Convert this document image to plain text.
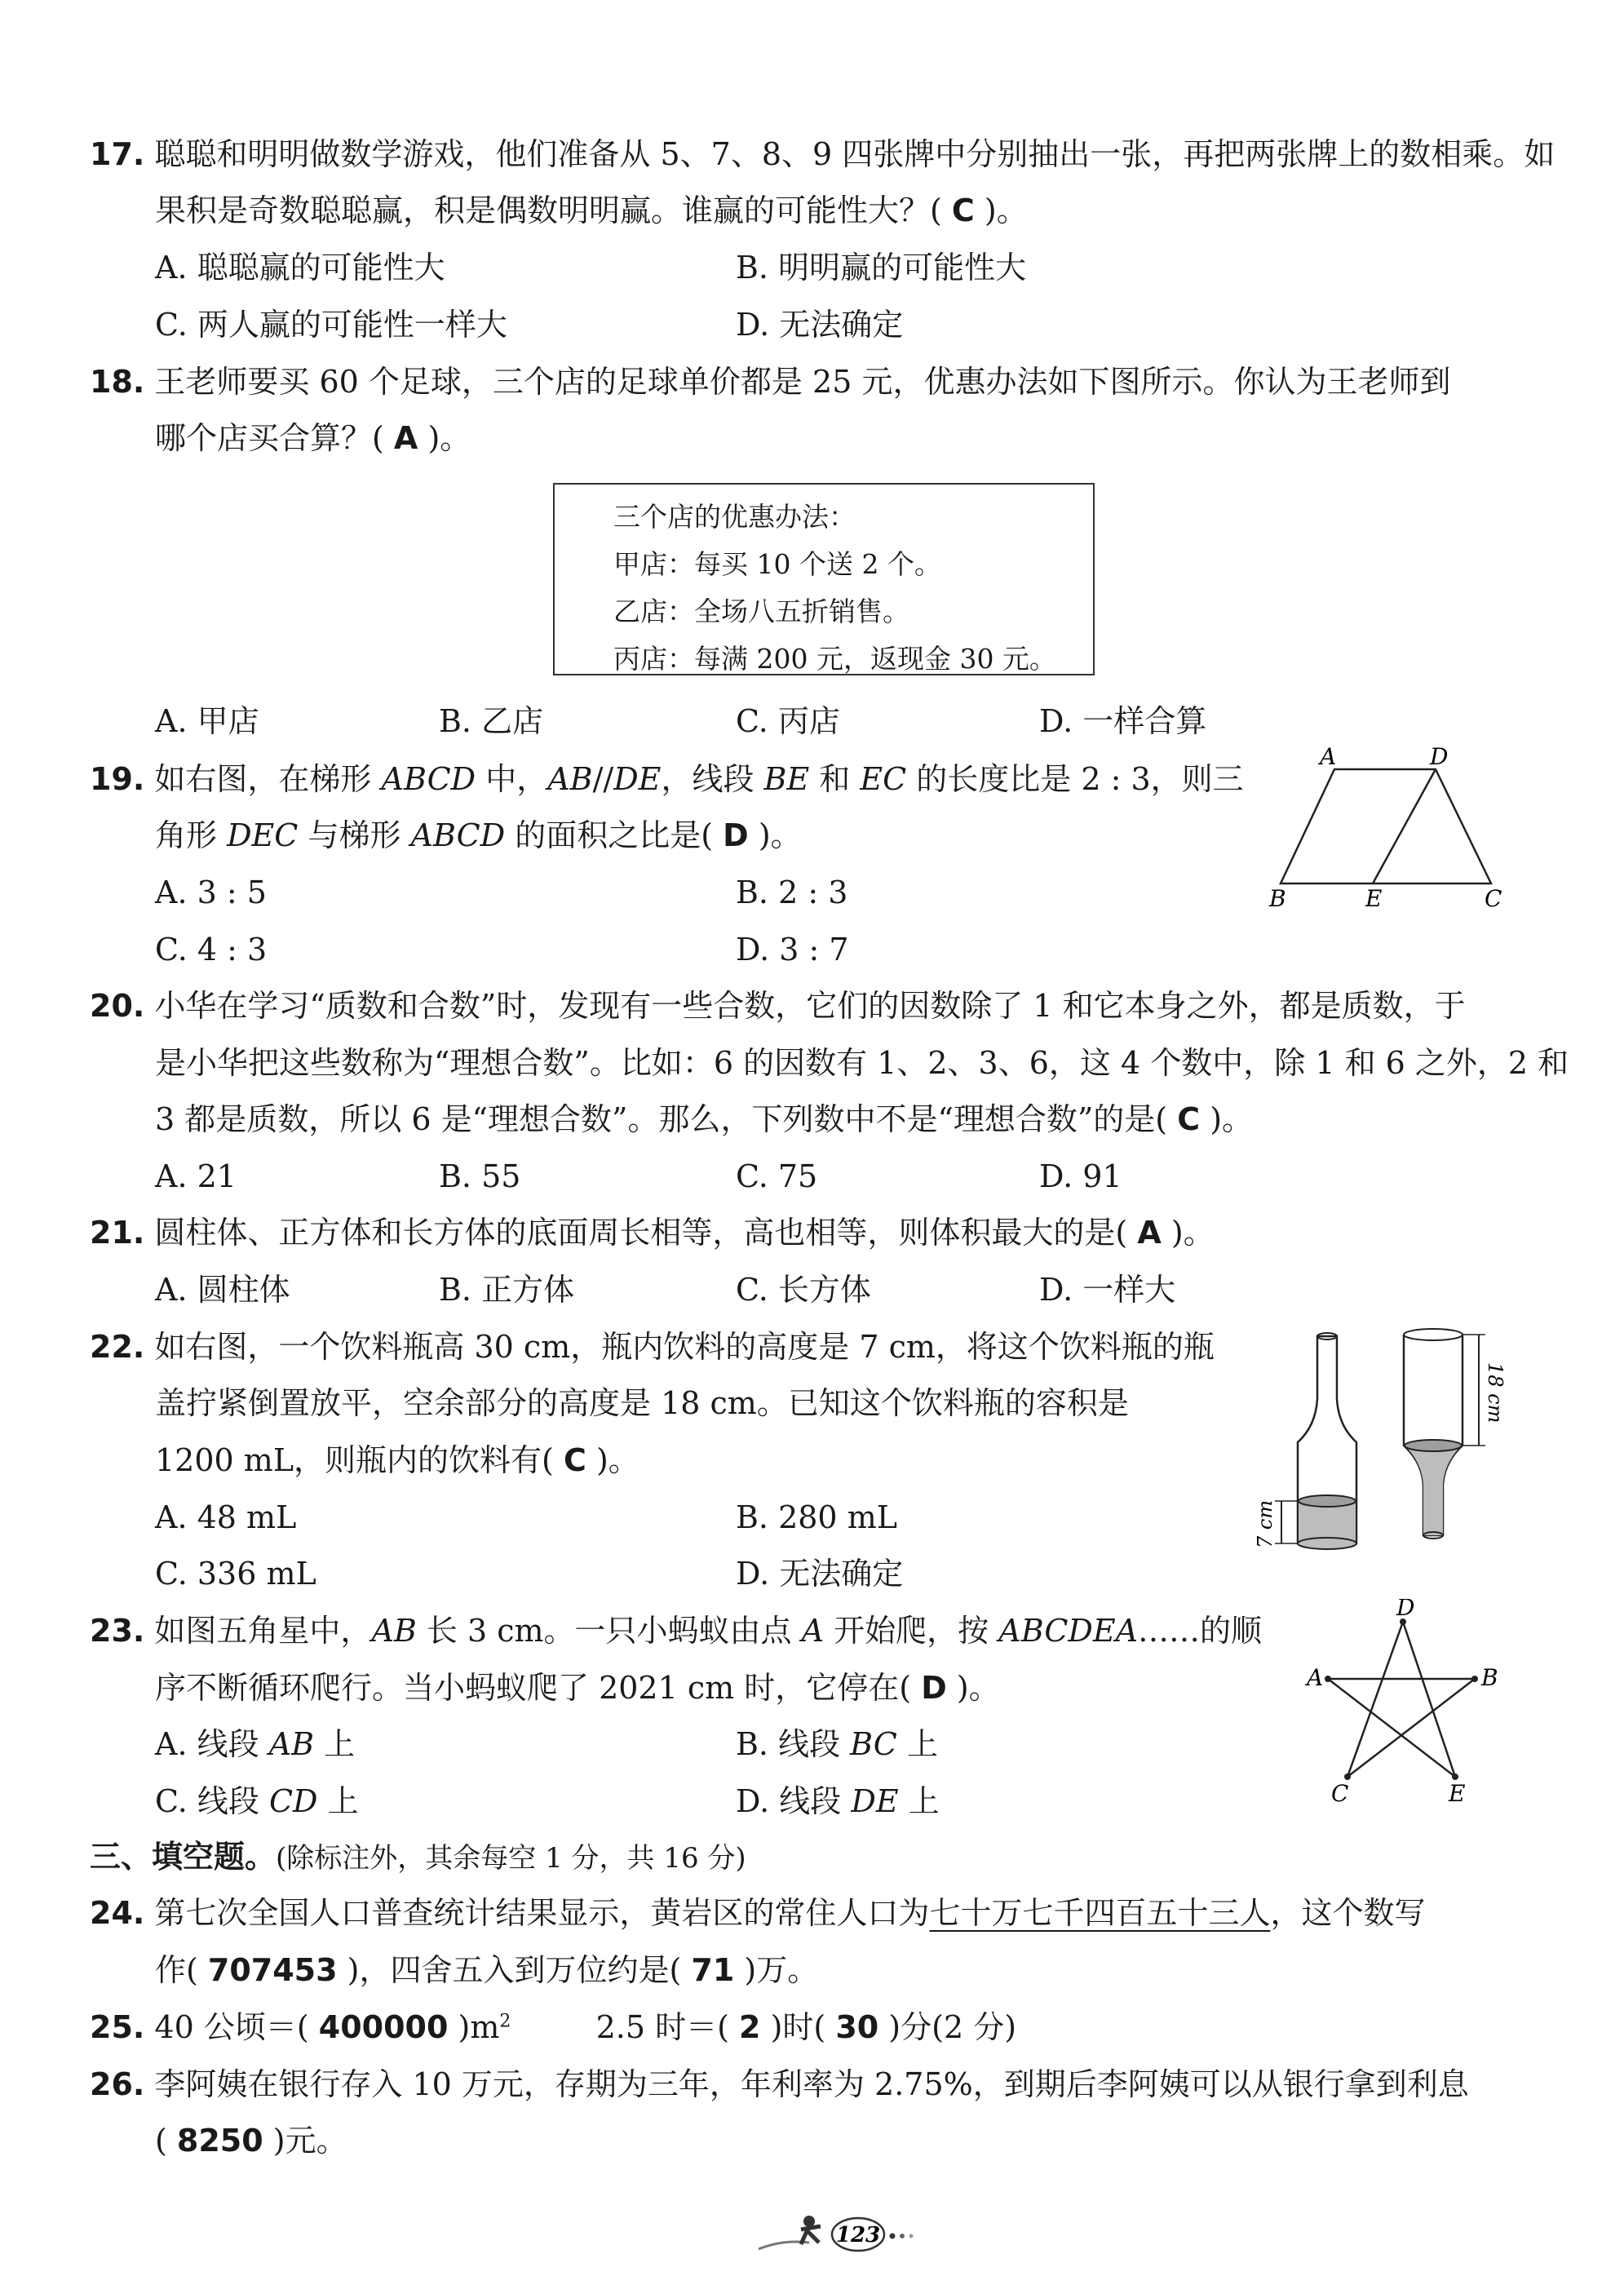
17. 聪聪和明明做数学游戏，他们准备从 5、7、8、9 四张牌中分别抽出一张，再把两张牌上的数相乘。如
果积是奇数聪聪赢，积是偶数明明赢。谁赢的可能性大？( C )。
A. 聪聪赢的可能性大	B. 明明赢的可能性大
C. 两人赢的可能性一样大	D. 无法确定
18. 王老师要买 60 个足球，三个店的足球单价都是 25 元，优惠办法如下图所示。你认为王老师到
哪个店买合算？( A )。
三个店的优惠办法：
甲店：每买 10 个送 2 个。
乙店：全场八五折销售。
丙店：每满 200 元，返现金 30 元。
A. 甲店	B. 乙店	C. 丙店	D. 一样合算
19. 如右图，在梯形 ABCD 中，AB//DE，线段 BE 和 EC 的长度比是 2 : 3，则三
角形 DEC 与梯形 ABCD 的面积之比是( D )。
A. 3 : 5	B. 2 : 3
C. 4 : 3	D. 3 : 7
A	D
B	E	C
20. 小华在学习“质数和合数”时，发现有一些合数，它们的因数除了 1 和它本身之外，都是质数，于
是小华把这些数称为“理想合数”。比如：6 的因数有 1、2、3、6，这 4 个数中，除 1 和 6 之外，2 和
3 都是质数，所以 6 是“理想合数”。那么，下列数中不是“理想合数”的是( C )。
A. 21	B. 55	C. 75	D. 91
21. 圆柱体、正方体和长方体的底面周长相等，高也相等，则体积最大的是( A )。
A. 圆柱体	B. 正方体	C. 长方体	D. 一样大
22. 如右图，一个饮料瓶高 30 cm，瓶内饮料的高度是 7 cm，将这个饮料瓶的瓶
盖拧紧倒置放平，空余部分的高度是 18 cm。已知这个饮料瓶的容积是
1200 mL，则瓶内的饮料有( C )。
A. 48 mL	B. 280 mL
C. 336 mL	D. 无法确定
7 cm
18 cm
23. 如图五角星中，AB 长 3 cm。一只小蚂蚁由点 A 开始爬，按 ABCDEA……的顺
序不断循环爬行。当小蚂蚁爬了 2021 cm 时，它停在( D )。
A. 线段 AB 上	B. 线段 BC 上
C. 线段 CD 上	D. 线段 DE 上
A	B
C
D
E
三、填空题。(除标注外，其余每空 1 分，共 16 分)
24. 第七次全国人口普查统计结果显示，黄岩区的常住人口为七十万七千四百五十三人，这个数写
作( 707453 )，四舍五入到万位约是( 71 )万。
25. 40 公顷＝( 400000 )$m^2$	2.5 时＝( 2 )时( 30 )分(2 分)
26. 李阿姨在银行存入 10 万元，存期为三年，年利率为 2.75%，到期后李阿姨可以从银行拿到利息
( 8250 )元。
123
